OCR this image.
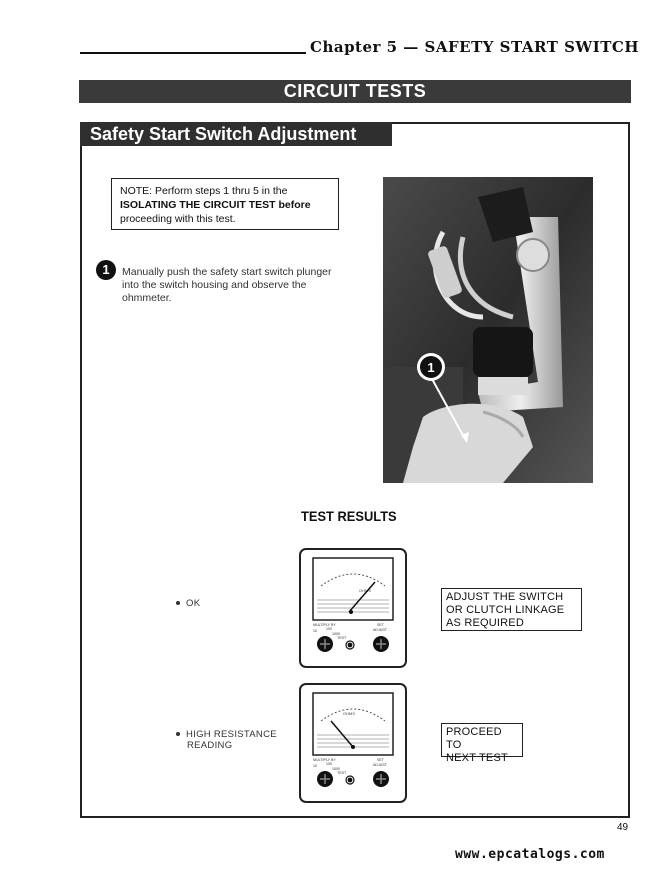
Chapter 5 — SAFETY START SWITCH
CIRCUIT TESTS
Safety Start Switch Adjustment
NOTE: Perform steps 1 thru 5 in the
ISOLATING THE CIRCUIT TEST before
proceeding with this test.
1	Manually push the safety start switch plunger
into the switch housing and observe the
ohmmeter.
1
TEST RESULTS
OK
OHMS
MULTIPLY BY	SET
ADJUST
10	100
1000
TEST
ADJUST THE SWITCH
OR CLUTCH LINKAGE
AS REQUIRED
HIGH RESISTANCE
READING
OHMS
MULTIPLY BY	SET
ADJUST
10	100
1000
TEST
PROCEED TO
NEXT TEST
49
www.epcatalogs.com
